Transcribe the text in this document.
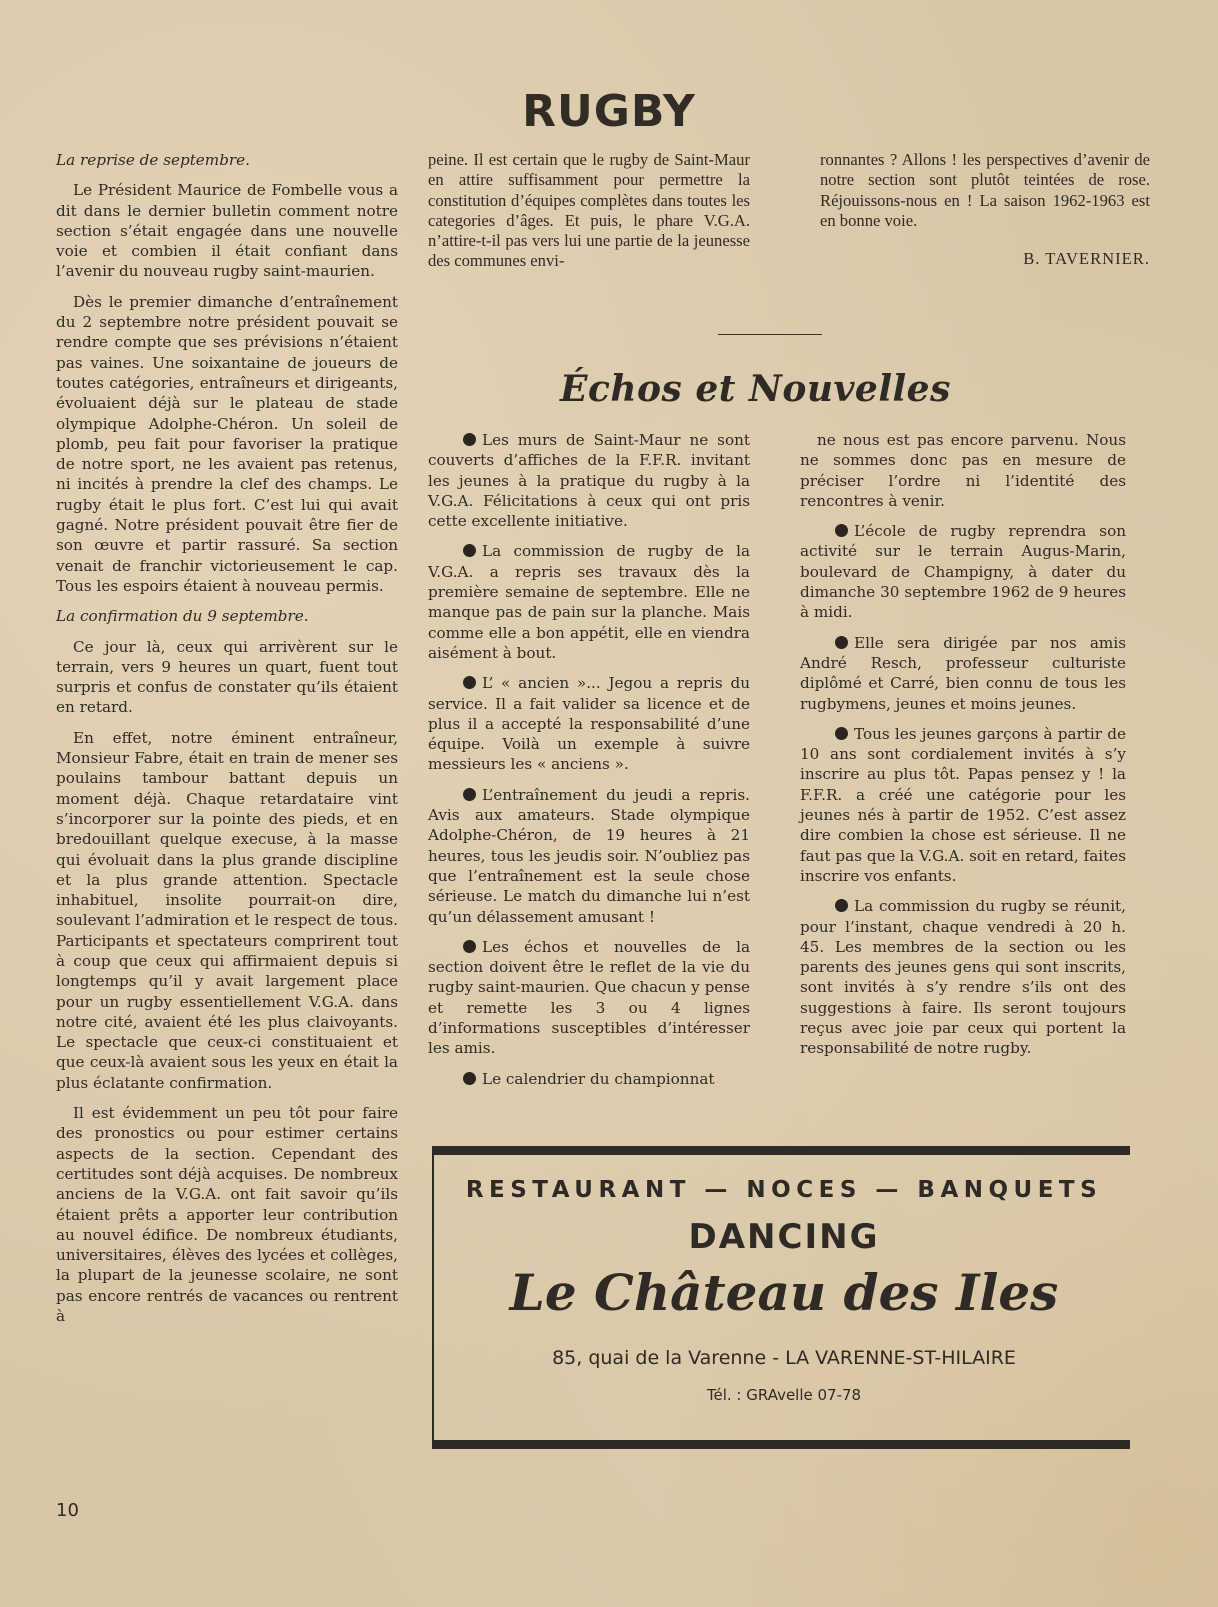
RUGBY

La reprise de septembre.

Le Président Maurice de Fombelle vous a dit dans le dernier bulletin comment notre section s’était engagée dans une nouvelle voie et combien il était confiant dans l’avenir du nouveau rugby saint-maurien.

Dès le premier dimanche d’entraînement du 2 septembre notre président pouvait se rendre compte que ses prévisions n’étaient pas vaines. Une soixantaine de joueurs de toutes catégories, entraîneurs et dirigeants, évoluaient déjà sur le plateau de stade olympique Adolphe-Chéron. Un soleil de plomb, peu fait pour favoriser la pratique de notre sport, ne les avaient pas retenus, ni incités à prendre la clef des champs. Le rugby était le plus fort. C’est lui qui avait gagné. Notre président pouvait être fier de son œuvre et partir rassuré. Sa section venait de franchir victorieusement le cap. Tous les espoirs étaient à nouveau permis.

La confirmation du 9 septembre.

Ce jour là, ceux qui arrivèrent sur le terrain, vers 9 heures un quart, fuent tout surpris et confus de constater qu’ils étaient en retard.

En effet, notre éminent entraîneur, Monsieur Fabre, était en train de mener ses poulains tambour battant depuis un moment déjà. Chaque retardataire vint s’incorporer sur la pointe des pieds, et en bredouillant quelque execuse, à la masse qui évoluait dans la plus grande discipline et la plus grande attention. Spectacle inhabituel, insolite pourrait-on dire, soulevant l’admiration et le respect de tous. Participants et spectateurs comprirent tout à coup que ceux qui affirmaient depuis si longtemps qu’il y avait largement place pour un rugby essentiellement V.G.A. dans notre cité, avaient été les plus claivoyants. Le spectacle que ceux-ci constituaient et que ceux-là avaient sous les yeux en était la plus éclatante confirmation.

Il est évidemment un peu tôt pour faire des pronostics ou pour estimer certains aspects de la section. Cependant des certitudes sont déjà acquises. De nombreux anciens de la V.G.A. ont fait savoir qu’ils étaient prêts a apporter leur contribution au nouvel édifice. De nombreux étudiants, universitaires, élèves des lycées et collèges, la plupart de la jeunesse scolaire, ne sont pas encore rentrés de vacances ou rentrent à

peine. Il est certain que le rugby de Saint-Maur en attire suffisamment pour permettre la constitution d’équipes complètes dans toutes les categories d’âges. Et puis, le phare V.G.A. n’attire-t-il pas vers lui une partie de la jeunesse des communes envi-

ronnantes ? Allons ! les perspectives d’avenir de notre section sont plutôt teintées de rose. Réjouissons-nous en ! La saison 1962-1963 est en bonne voie.

B. TAVERNIER.
Échos et Nouvelles

Les murs de Saint-Maur ne sont couverts d’affiches de la F.F.R. invitant les jeunes à la pratique du rugby à la V.G.A. Félicitations à ceux qui ont pris cette excellente initiative.

La commission de rugby de la V.G.A. a repris ses travaux dès la première semaine de septembre. Elle ne manque pas de pain sur la planche. Mais comme elle a bon appétit, elle en viendra aisément à bout.

L’ « ancien »... Jegou a repris du service. Il a fait valider sa licence et de plus il a accepté la responsabilité d’une équipe. Voilà un exemple à suivre messieurs les « anciens ».

L’entraînement du jeudi a repris. Avis aux amateurs. Stade olympique Adolphe-Chéron, de 19 heures à 21 heures, tous les jeudis soir. N’oubliez pas que l’entraînement est la seule chose sérieuse. Le match du dimanche lui n’est qu’un délassement amusant !

Les échos et nouvelles de la section doivent être le reflet de la vie du rugby saint-maurien. Que chacun y pense et remette les 3 ou 4 lignes d’informations susceptibles d’intéresser les amis.

Le calendrier du championnat

ne nous est pas encore parvenu. Nous ne sommes donc pas en mesure de préciser l’ordre ni l’identité des rencontres à venir.

L’école de rugby reprendra son activité sur le terrain Augus-Marin, boulevard de Champigny, à dater du dimanche 30 septembre 1962 de 9 heures à midi.

Elle sera dirigée par nos amis André Resch, professeur culturiste diplômé et Carré, bien connu de tous les rugbymens, jeunes et moins jeunes.

Tous les jeunes garçons à partir de 10 ans sont cordialement invités à s’y inscrire au plus tôt. Papas pensez y ! la F.F.R. a créé une catégorie pour les jeunes nés à partir de 1952. C’est assez dire combien la chose est sérieuse. Il ne faut pas que la V.G.A. soit en retard, faites inscrire vos enfants.

La commission du rugby se réunit, pour l’instant, chaque vendredi à 20 h. 45. Les membres de la section ou les parents des jeunes gens qui sont inscrits, sont invités à s’y rendre s’ils ont des suggestions à faire. Ils seront toujours reçus avec joie par ceux qui portent la responsabilité de notre rugby.

RESTAURANT — NOCES — BANQUETS
DANCING
Le Château des Iles
85, quai de la Varenne - LA VARENNE-ST-HILAIRE
Tél. : GRAvelle 07-78
10
